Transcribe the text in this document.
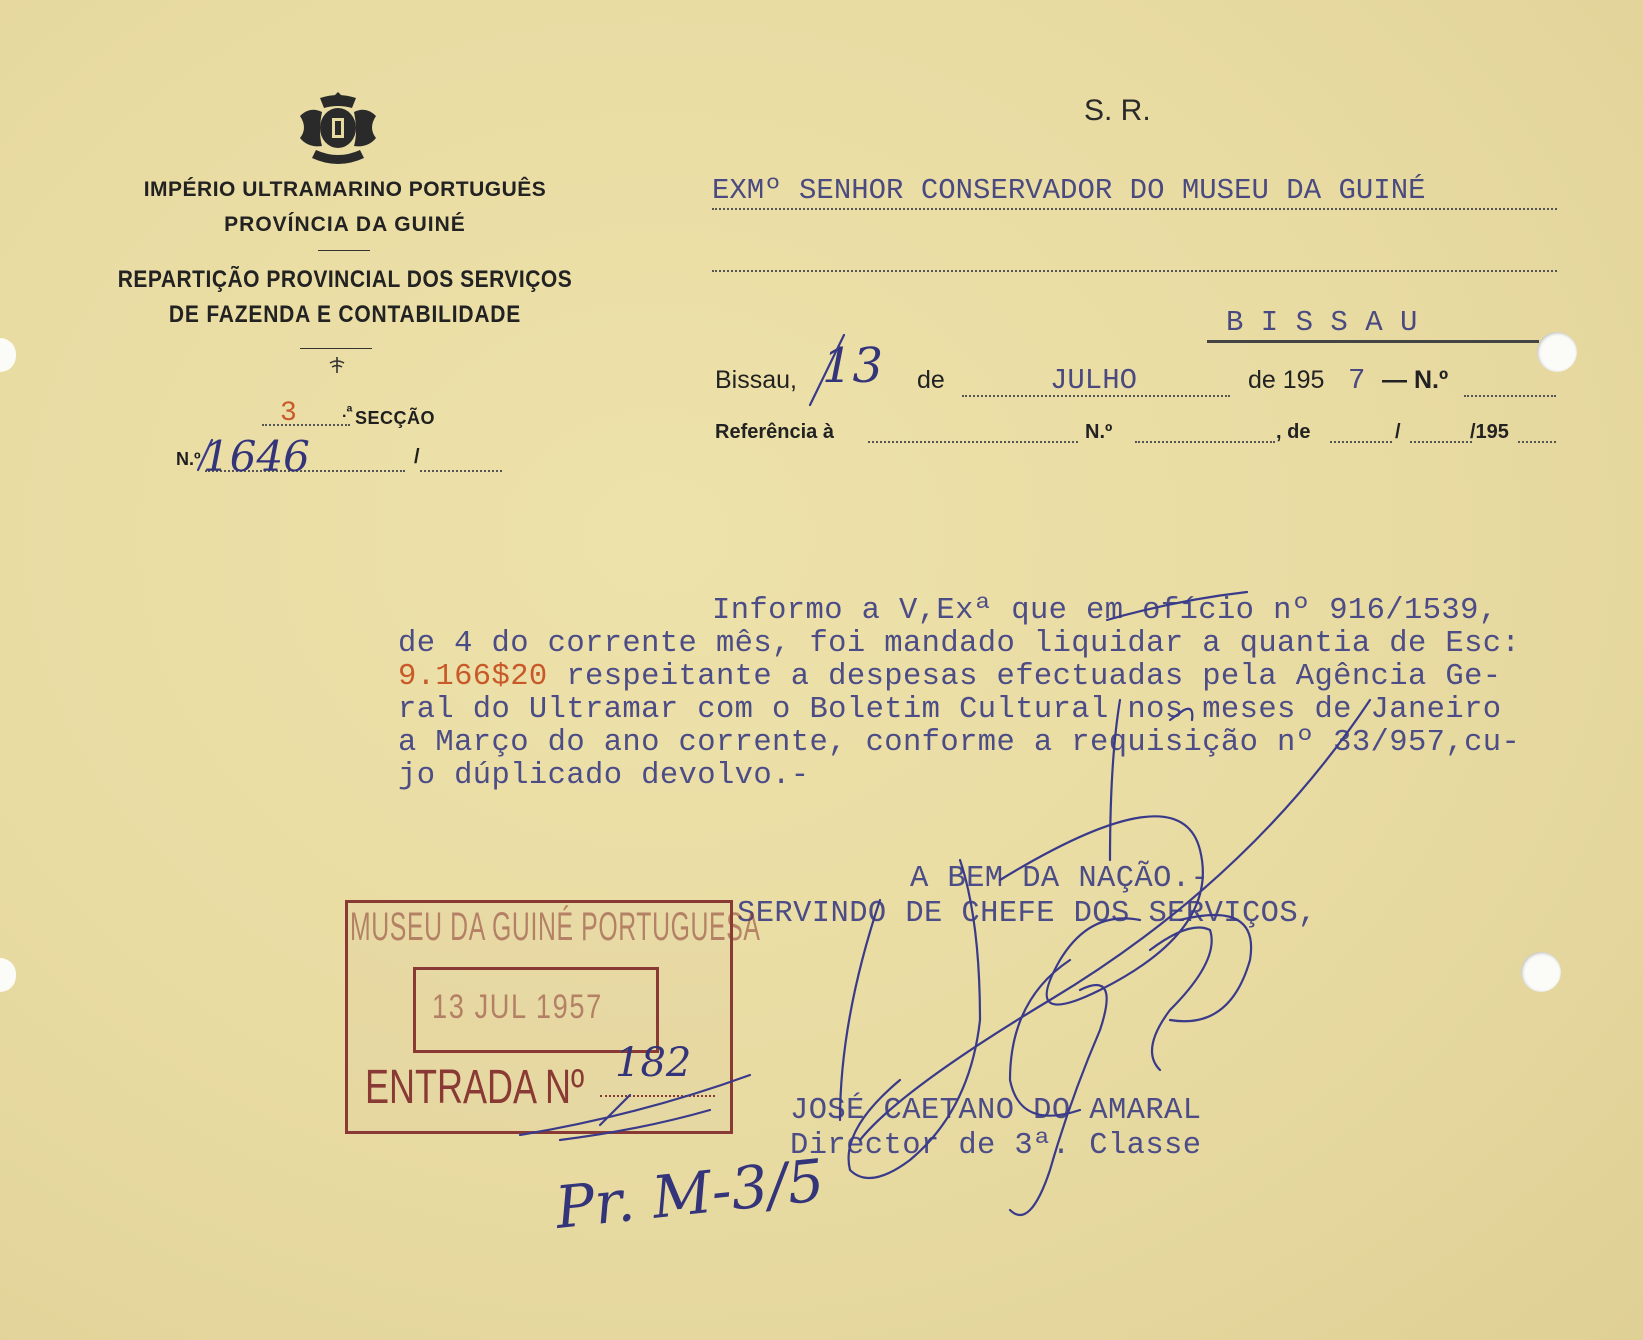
IMPÉRIO ULTRAMARINO PORTUGUÊS
PROVÍNCIA DA GUINÉ
REPARTIÇÃO PROVINCIAL DOS SERVIÇOS
DE FAZENDA E CONTABILIDADE
3	.ª SECÇÃO
N.º 1646	/
S. R.
EXMº SENHOR CONSERVADOR DO MUSEU DA GUINÉ
B I S S A U
Bissau, 13 de	JULHO	de 195 7 — N.º
Referência à	N.º	, de	/	/195
Informo a V,Exª que em ofício nº 916/1539,
de 4 do corrente mês, foi mandado liquidar a quantia de Esc:
9.166$20 respeitante a despesas efectuadas pela Agência Ge-
ral do Ultramar com o Boletim Cultural nos meses de Janeiro
a Março do ano corrente, conforme a requisição nº 33/957,cu-
jo dúplicado devolvo.-
A BEM DA NAÇÃO.-
SERVINDO DE CHEFE DOS SERVIÇOS,
JOSÉ CAETANO DO AMARAL
Director de 3ª. Classe
MUSEU DA GUINÉ PORTUGUESA
13 JUL 1957
ENTRADA Nº 182
Pr. M-3/5
